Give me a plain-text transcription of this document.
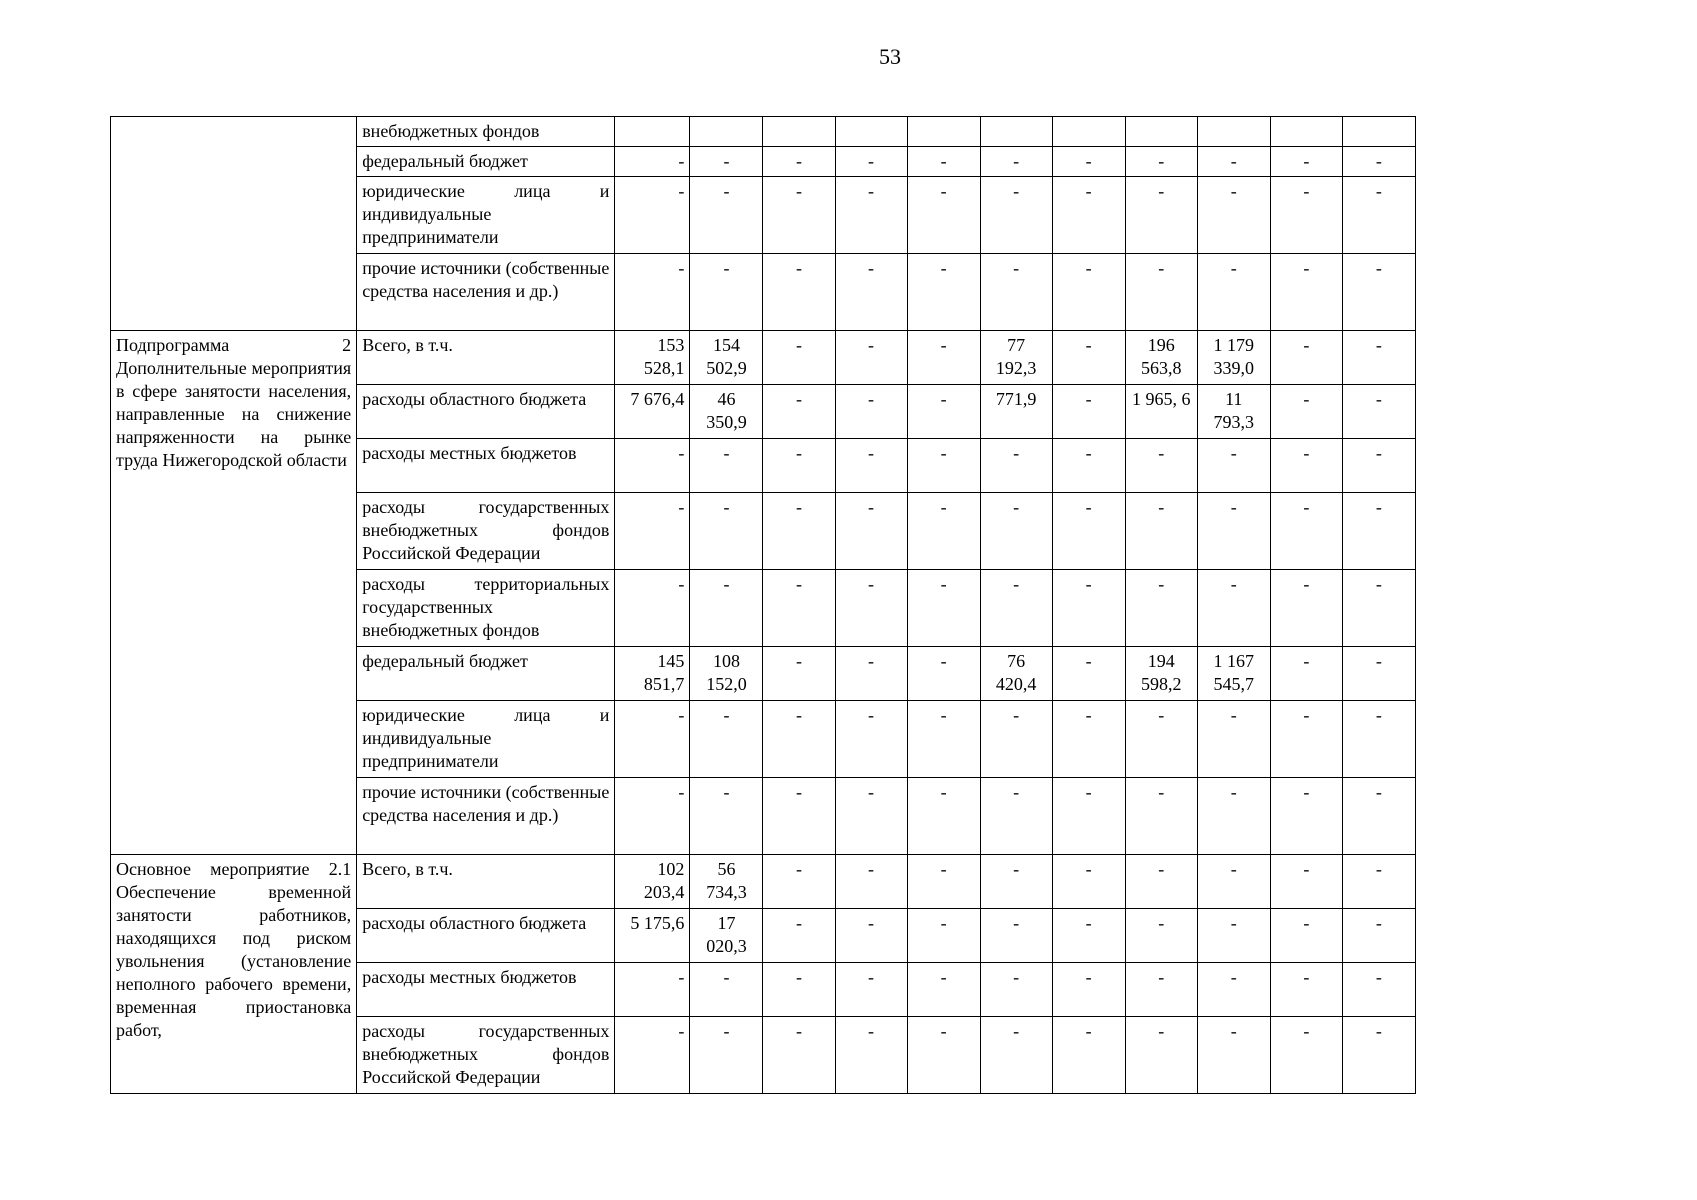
53
	внебюджетных фондов											
	федеральный бюджет	-	-	-	-	-	-	-	-	-	-	-
	юридические лица и индивидуальные предприниматели	-	-	-	-	-	-	-	-	-	-	-
	прочие источники (собственные средства населения и др.)	-	-	-	-	-	-	-	-	-	-	-
Подпрограмма 2 Дополнительные мероприятия в сфере занятости населения, направленные на снижение напряженности на рынке труда Нижегородской области	Всего, в т.ч.	153 528,1	154 502,9	-	-	-	77 192,3	-	196 563,8	1 179 339,0	-	-
	расходы областного бюджета	7 676,4	46 350,9	-	-	-	771,9	-	1 965, 6	11 793,3	-	-
	расходы местных бюджетов	-	-	-	-	-	-	-	-	-	-	-
	расходы государственных внебюджетных фондов Российской Федерации	-	-	-	-	-	-	-	-	-	-	-
	расходы территориальных государственных внебюджетных фондов	-	-	-	-	-	-	-	-	-	-	-
	федеральный бюджет	145 851,7	108 152,0	-	-	-	76 420,4	-	194 598,2	1 167 545,7	-	-
	юридические лица и индивидуальные предприниматели	-	-	-	-	-	-	-	-	-	-	-
	прочие источники (собственные средства населения и др.)	-	-	-	-	-	-	-	-	-	-	-
Основное мероприятие 2.1 Обеспечение временной занятости работников, находящихся под риском увольнения (установление неполного рабочего времени, временная приостановка работ,	Всего, в т.ч.	102 203,4	56 734,3	-	-	-	-	-	-	-	-	-
	расходы областного бюджета	5 175,6	17 020,3	-	-	-	-	-	-	-	-	-
	расходы местных бюджетов	-	-	-	-	-	-	-	-	-	-	-
	расходы государственных внебюджетных фондов Российской Федерации	-	-	-	-	-	-	-	-	-	-	-
